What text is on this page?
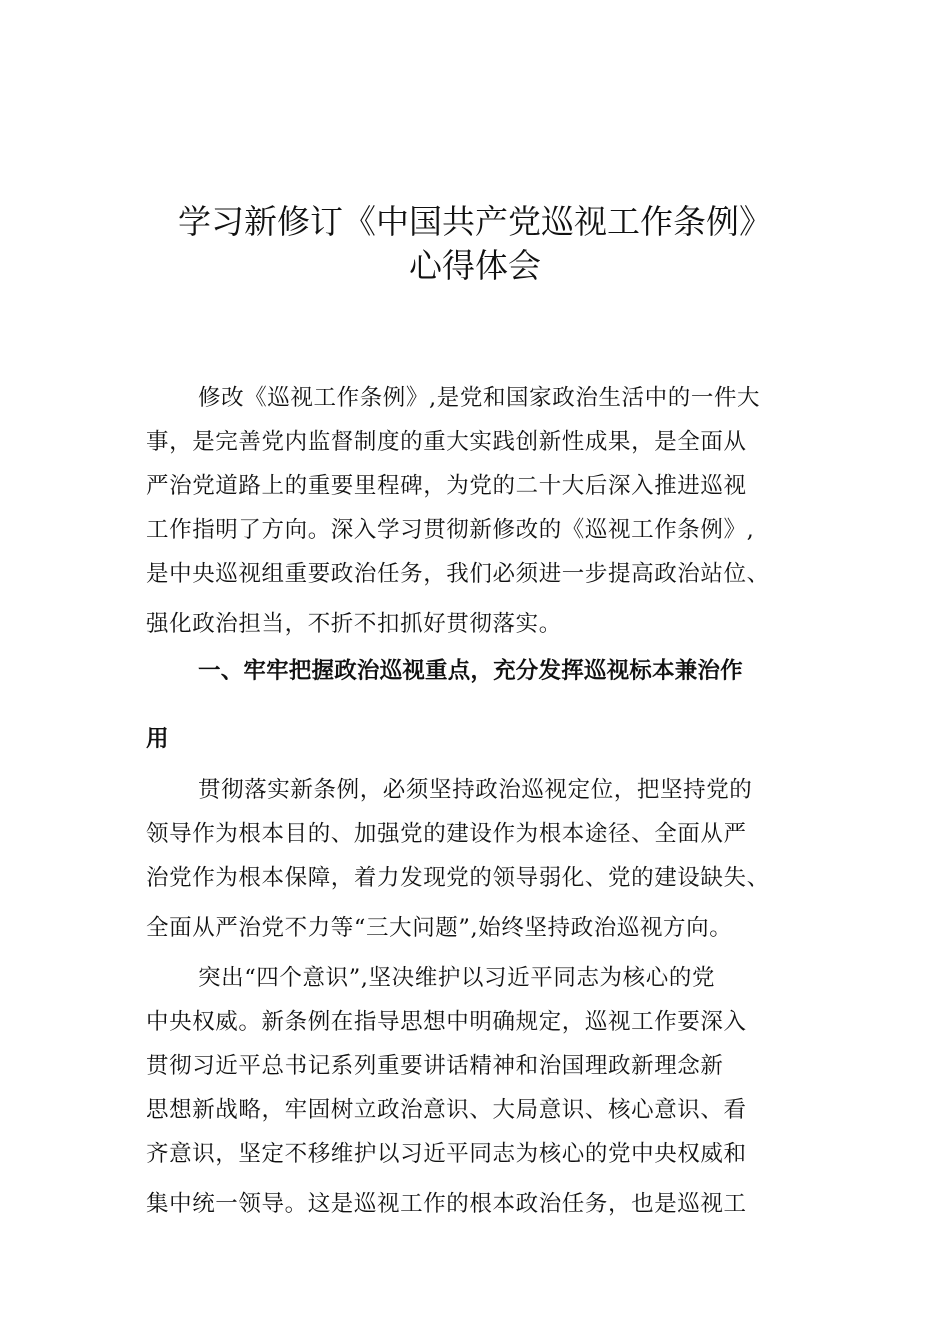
学习新修订《中国共产党巡视工作条例》
心得体会
修改《巡视工作条例》,是党和国家政治生活中的一件大
事，是完善党内监督制度的重大实践创新性成果，是全面从
严治党道路上的重要里程碑，为党的二十大后深入推进巡视
工作指明了方向。深入学习贯彻新修改的《巡视工作条例》,
是中央巡视组重要政治任务，我们必须进一步提高政治站位、
强化政治担当，不折不扣抓好贯彻落实。
一、牢牢把握政治巡视重点，充分发挥巡视标本兼治作
用
贯彻落实新条例，必须坚持政治巡视定位，把坚持党的
领导作为根本目的、加强党的建设作为根本途径、全面从严
治党作为根本保障，着力发现党的领导弱化、党的建设缺失、
全面从严治党不力等“三大问题”,始终坚持政治巡视方向。
突出“四个意识”,坚决维护以习近平同志为核心的党
中央权威。新条例在指导思想中明确规定，巡视工作要深入
贯彻习近平总书记系列重要讲话精神和治国理政新理念新
思想新战略，牢固树立政治意识、大局意识、核心意识、看
齐意识，坚定不移维护以习近平同志为核心的党中央权威和
集中统一领导。这是巡视工作的根本政治任务，也是巡视工
